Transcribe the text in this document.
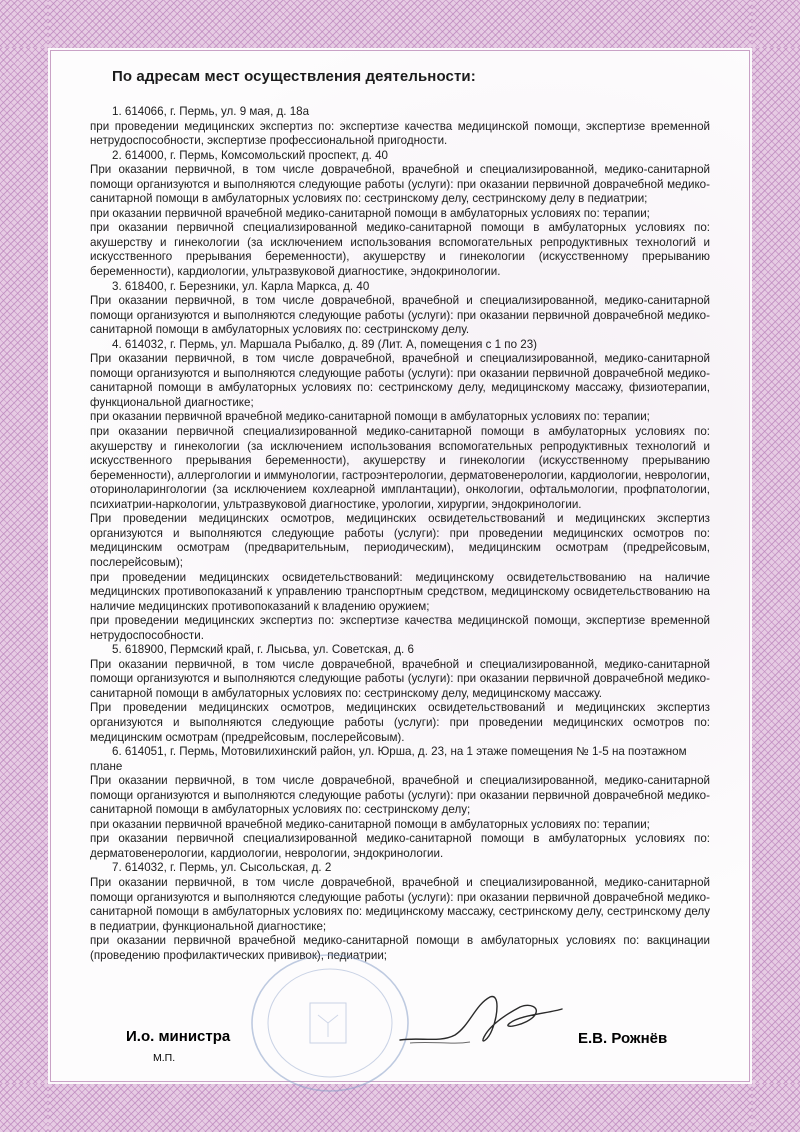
По адресам мест осуществления деятельности:

1. 614066, г. Пермь, ул. 9 мая, д. 18а

при проведении медицинских экспертиз по: экспертизе качества медицинской помощи, экспертизе временной нетрудоспособности, экспертизе профессиональной пригодности.

2. 614000, г. Пермь, Комсомольский проспект, д. 40

При оказании первичной, в том числе доврачебной, врачебной и специализированной, медико-санитарной помощи организуются и выполняются следующие работы (услуги): при оказании первичной доврачебной медико-санитарной помощи в амбулаторных условиях по: сестринскому делу, сестринскому делу в педиатрии;

при оказании первичной врачебной медико-санитарной помощи в амбулаторных условиях по: терапии;

при оказании первичной специализированной медико-санитарной помощи в амбулаторных условиях по: акушерству и гинекологии (за исключением использования вспомогательных репродуктивных технологий и искусственного прерывания беременности), акушерству и гинекологии (искусственному прерыванию беременности), кардиологии, ультразвуковой диагностике, эндокринологии.

3. 618400, г. Березники, ул. Карла Маркса, д. 40

При оказании первичной, в том числе доврачебной, врачебной и специализированной, медико-санитарной помощи организуются и выполняются следующие работы (услуги): при оказании первичной доврачебной медико-санитарной помощи в амбулаторных условиях по: сестринскому делу.

4. 614032, г. Пермь, ул. Маршала Рыбалко, д. 89 (Лит. А, помещения с 1 по 23)

При оказании первичной, в том числе доврачебной, врачебной и специализированной, медико-санитарной помощи организуются и выполняются следующие работы (услуги): при оказании первичной доврачебной медико-санитарной помощи в амбулаторных условиях по: сестринскому делу, медицинскому массажу, физиотерапии, функциональной диагностике;

при оказании первичной врачебной медико-санитарной помощи в амбулаторных условиях по: терапии;

при оказании первичной специализированной медико-санитарной помощи в амбулаторных условиях по: акушерству и гинекологии (за исключением использования вспомогательных репродуктивных технологий и искусственного прерывания беременности), акушерству и гинекологии (искусственному прерыванию беременности), аллергологии и иммунологии, гастроэнтерологии, дерматовенерологии, кардиологии, неврологии, оториноларингологии (за исключением кохлеарной имплантации), онкологии, офтальмологии, профпатологии, психиатрии-наркологии, ультразвуковой диагностике, урологии, хирургии, эндокринологии.

При проведении медицинских осмотров, медицинских освидетельствований и медицинских экспертиз организуются и выполняются следующие работы (услуги): при проведении медицинских осмотров по: медицинским осмотрам (предварительным, периодическим), медицинским осмотрам (предрейсовым, послерейсовым);

при проведении медицинских освидетельствований: медицинскому освидетельствованию на наличие медицинских противопоказаний к управлению транспортным средством, медицинскому освидетельствованию на наличие медицинских противопоказаний к владению оружием;

при проведении медицинских экспертиз по: экспертизе качества медицинской помощи, экспертизе временной нетрудоспособности.

5. 618900, Пермский край, г. Лысьва, ул. Советская, д. 6

При оказании первичной, в том числе доврачебной, врачебной и специализированной, медико-санитарной помощи организуются и выполняются следующие работы (услуги): при оказании первичной доврачебной медико-санитарной помощи в амбулаторных условиях по: сестринскому делу, медицинскому массажу.

При проведении медицинских осмотров, медицинских освидетельствований и медицинских экспертиз организуются и выполняются следующие работы (услуги): при проведении медицинских осмотров по: медицинским осмотрам (предрейсовым, послерейсовым).

6. 614051, г. Пермь, Мотовилихинский район, ул. Юрша, д. 23, на 1 этаже помещения № 1-5 на поэтажном плане

При оказании первичной, в том числе доврачебной, врачебной и специализированной, медико-санитарной помощи организуются и выполняются следующие работы (услуги): при оказании первичной доврачебной медико-санитарной помощи в амбулаторных условиях по: сестринскому делу;

при оказании первичной врачебной медико-санитарной помощи в амбулаторных условиях по: терапии;

при оказании первичной специализированной медико-санитарной помощи в амбулаторных условиях по: дерматовенерологии, кардиологии, неврологии, эндокринологии.

7. 614032, г. Пермь, ул. Сысольская, д. 2

При оказании первичной, в том числе доврачебной, врачебной и специализированной, медико-санитарной помощи организуются и выполняются следующие работы (услуги): при оказании первичной доврачебной медико-санитарной помощи в амбулаторных условиях по: медицинскому массажу, сестринскому делу, сестринскому делу в педиатрии, функциональной диагностике;

при оказании первичной врачебной медико-санитарной помощи в амбулаторных условиях по: вакцинации (проведению профилактических прививок), педиатрии;

И.о. министра
М.П.
Е.В. Рожнёв
